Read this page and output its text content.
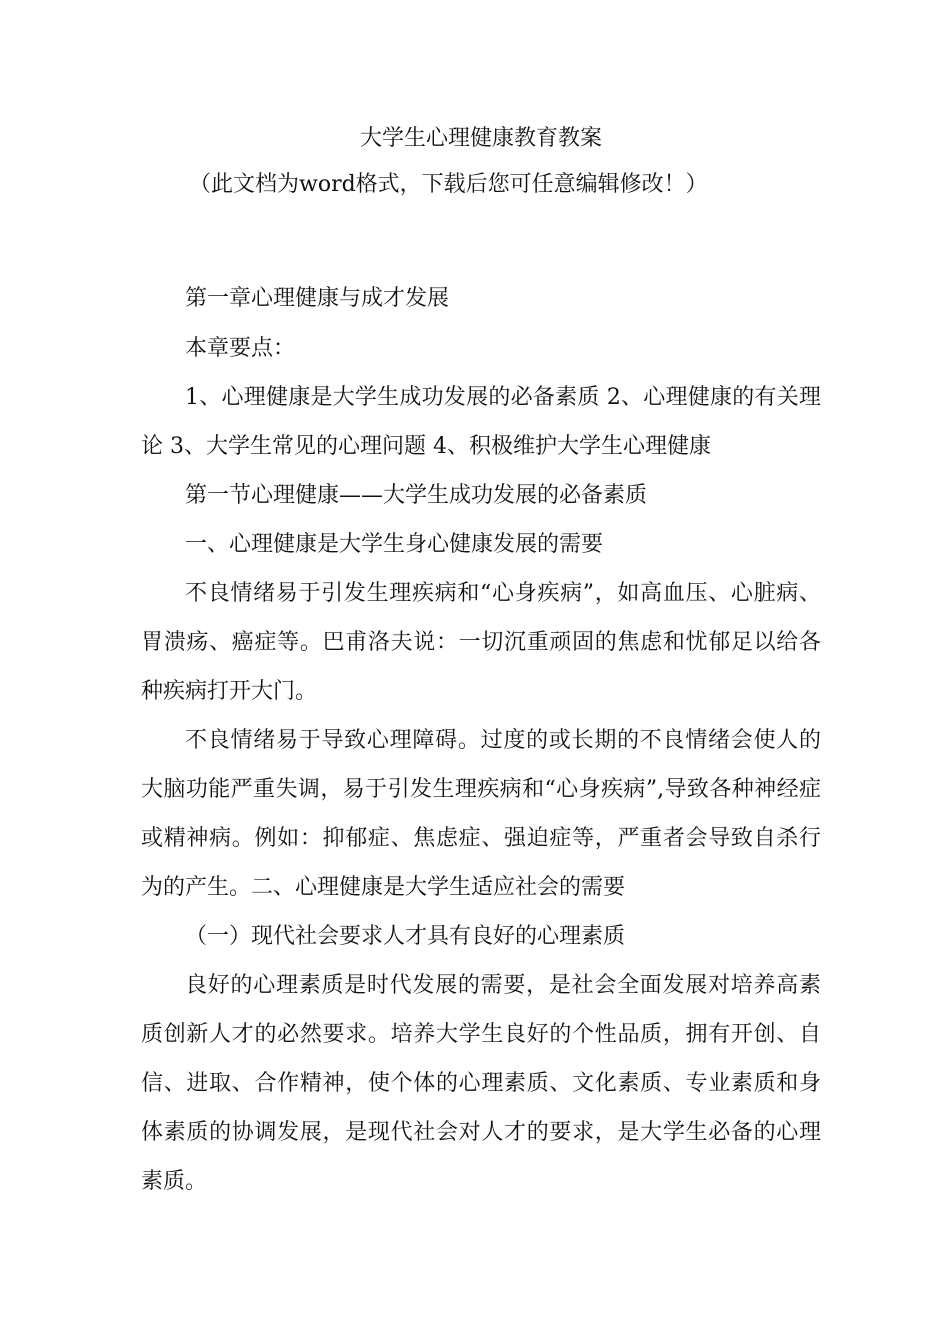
大学生心理健康教育教案

（此文档为word格式，下载后您可任意编辑修改！）

第一章心理健康与成才发展

本章要点：

1、心理健康是大学生成功发展的必备素质 2、心理健康的有关理论 3、大学生常见的心理问题 4、积极维护大学生心理健康

第一节心理健康——大学生成功发展的必备素质

一、心理健康是大学生身心健康发展的需要

不良情绪易于引发生理疾病和“心身疾病”，如高血压、心脏病、胃溃疡、癌症等。巴甫洛夫说：一切沉重顽固的焦虑和忧郁足以给各种疾病打开大门。

不良情绪易于导致心理障碍。过度的或长期的不良情绪会使人的大脑功能严重失调，易于引发生理疾病和“心身疾病”,导致各种神经症或精神病。例如：抑郁症、焦虑症、强迫症等，严重者会导致自杀行为的产生。二、心理健康是大学生适应社会的需要

（一）现代社会要求人才具有良好的心理素质

良好的心理素质是时代发展的需要，是社会全面发展对培养高素质创新人才的必然要求。培养大学生良好的个性品质，拥有开创、自信、进取、合作精神，使个体的心理素质、文化素质、专业素质和身体素质的协调发展，是现代社会对人才的要求，是大学生必备的心理素质。
